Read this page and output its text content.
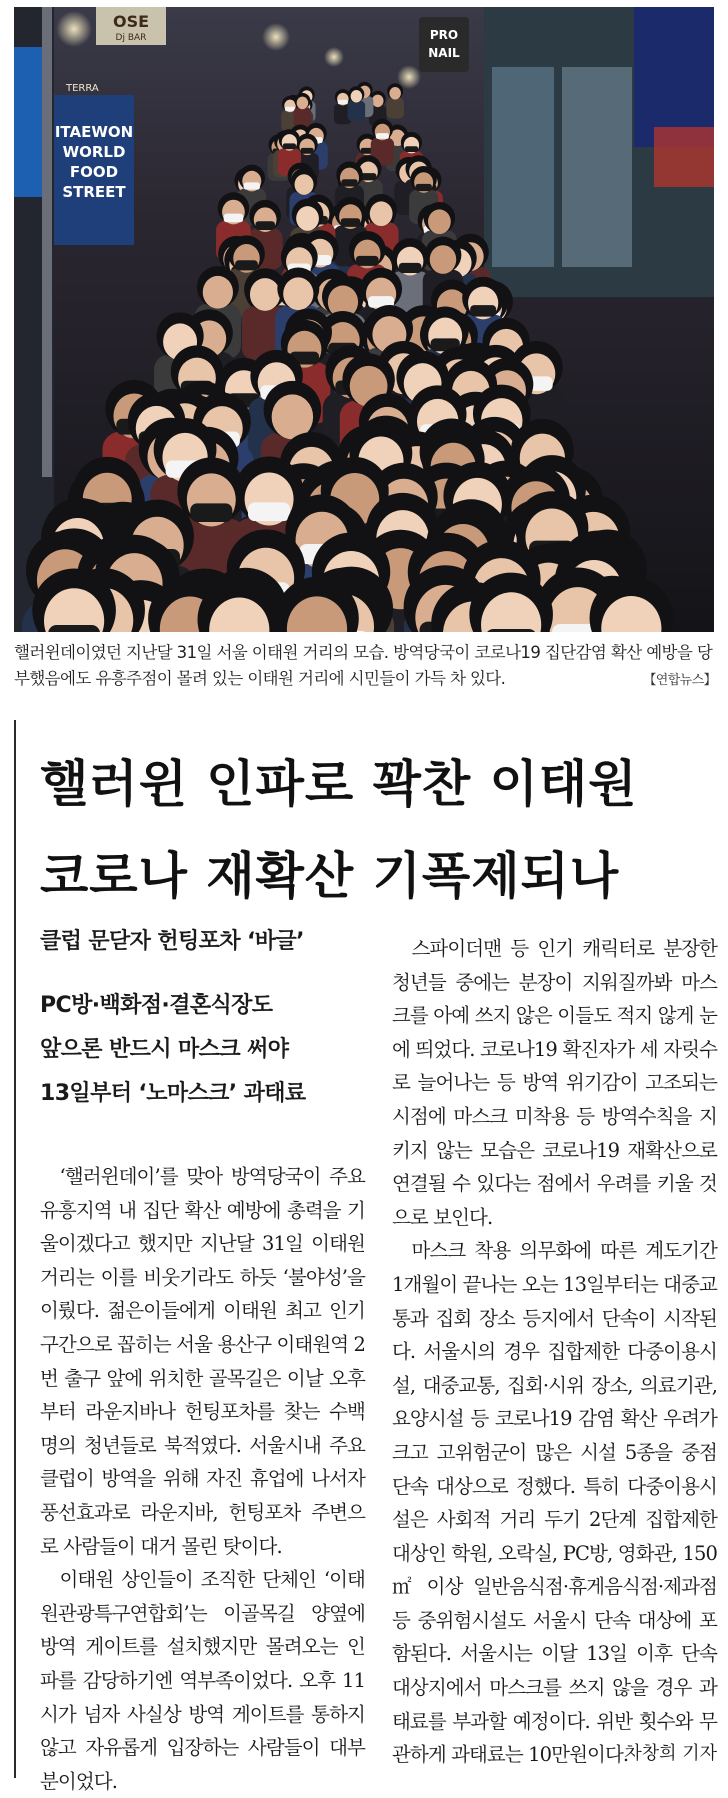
ITAEWON
WORLD
FOOD
STREET
OSE
Dj BAR
TERRA
PRO
NAIL
핼러윈데이였던 지난달 31일 서울 이태원 거리의 모습. 방역당국이 코로나19 집단감염 확산 예방을 당부했음에도 유흥주점이 몰려 있는 이태원 거리에 시민들이 가득 차 있다.	【연합뉴스】
핼러윈 인파로 꽉찬 이태원
코로나 재확산 기폭제되나
클럽 문닫자 헌팅포차 ‘바글’
PC방·백화점·결혼식장도
앞으론 반드시 마스크 써야
13일부터 ‘노마스크’ 과태료

‘핼러윈데이’를 맞아 방역당국이 주요 유흥지역 내 집단 확산 예방에 총력을 기울이겠다고 했지만 지난달 31일 이태원 거리는 이를 비웃기라도 하듯 ‘불야성’을 이뤘다. 젊은이들에게 이태원 최고 인기 구간으로 꼽히는 서울 용산구 이태원역 2번 출구 앞에 위치한 골목길은 이날 오후부터 라운지바나 헌팅포차를 찾는 수백 명의 청년들로 북적였다. 서울시내 주요 클럽이 방역을 위해 자진 휴업에 나서자 풍선효과로 라운지바, 헌팅포차 주변으로 사람들이 대거 몰린 탓이다.

이태원 상인들이 조직한 단체인 ‘이태원관광특구연합회’는 이골목길 양옆에 방역 게이트를 설치했지만 몰려오는 인파를 감당하기엔 역부족이었다. 오후 11시가 넘자 사실상 방역 게이트를 통하지 않고 자유롭게 입장하는 사람들이 대부분이었다.

스파이더맨 등 인기 캐릭터로 분장한 청년들 중에는 분장이 지워질까봐 마스크를 아예 쓰지 않은 이들도 적지 않게 눈에 띄었다. 코로나19 확진자가 세 자릿수로 늘어나는 등 방역 위기감이 고조되는 시점에 마스크 미착용 등 방역수칙을 지키지 않는 모습은 코로나19 재확산으로 연결될 수 있다는 점에서 우려를 키울 것으로 보인다.

마스크 착용 의무화에 따른 계도기간 1개월이 끝나는 오는 13일부터는 대중교통과 집회 장소 등지에서 단속이 시작된다. 서울시의 경우 집합제한 다중이용시설, 대중교통, 집회·시위 장소, 의료기관, 요양시설 등 코로나19 감염 확산 우려가 크고 고위험군이 많은 시설 5종을 중점 단속 대상으로 정했다. 특히 다중이용시설은 사회적 거리 두기 2단계 집합제한 대상인 학원, 오락실, PC방, 영화관, 150㎡ 이상 일반음식점·휴게음식점·제과점 등 중위험시설도 서울시 단속 대상에 포함된다. 서울시는 이달 13일 이후 단속 대상지에서 마스크를 쓰지 않을 경우 과태료를 부과할 예정이다. 위반 횟수와 무관하게 과태료는 10만원이다.

차창희 기자
